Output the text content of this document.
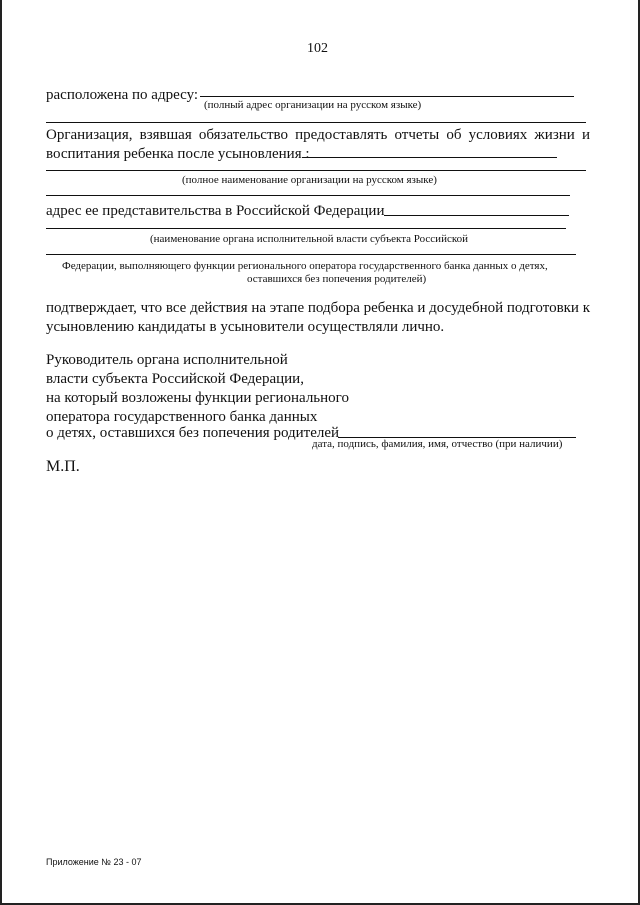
102
расположена по адресу:
(полный адрес организации на русском языке)
Организация, взявшая обязательство предоставлять отчеты об условиях жизни и
воспитания ребенка после усыновления :
(полное наименование организации на русском языке)
адрес ее представительства в Российской Федерации
(наименование органа исполнительной власти субъекта Российской
Федерации, выполняющего функции регионального оператора государственного банка данных о детях,
оставшихся без попечения родителей)
подтверждает, что все действия на этапе подбора ребенка и досудебной подготовки к
усыновлению кандидаты в усыновители осуществляли лично.
Руководитель органа исполнительной
власти субъекта Российской Федерации,
на который возложены функции регионального
оператора государственного банка данных
о детях, оставшихся без попечения родителей
дата, подпись, фамилия, имя, отчество (при наличии)
М.П.
Приложение № 23 - 07
